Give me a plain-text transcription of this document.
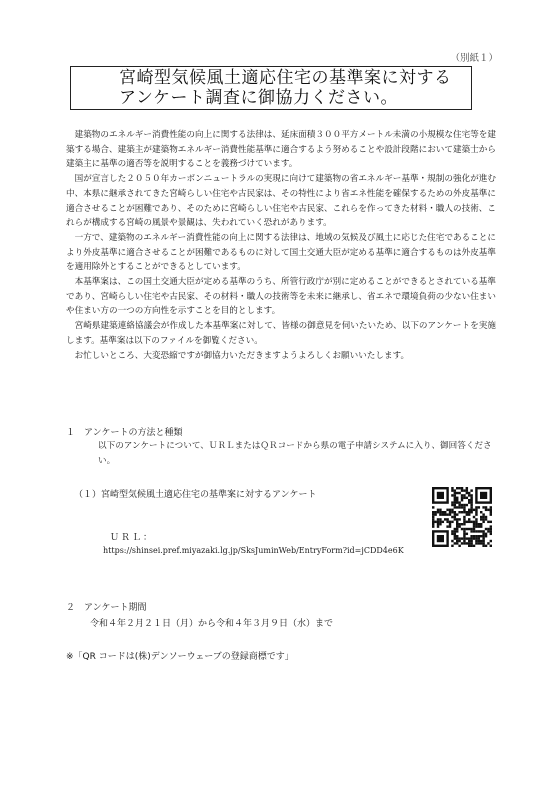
（別紙１）
宮崎型気候風土適応住宅の基準案に対する
アンケート調査に御協力ください。

建築物のエネルギー消費性能の向上に関する法律は、延床面積３００平方メートル未満の小規模な住宅等を建築する場合、建築主が建築物エネルギー消費性能基準に適合するよう努めることや設計段階において建築士から建築主に基準の適否等を説明することを義務づけています。

国が宣言した２０５０年カーボンニュートラルの実現に向けて建築物の省エネルギー基準・規制の強化が進む中、本県に継承されてきた宮崎らしい住宅や古民家は、その特性により省エネ性能を確保するための外皮基準に適合させることが困難であり、そのために宮崎らしい住宅や古民家、これらを作ってきた材料・職人の技術、これらが構成する宮崎の風景や景観は、失われていく恐れがあります。

一方で、建築物のエネルギー消費性能の向上に関する法律は、地域の気候及び風土に応じた住宅であることにより外皮基準に適合させることが困難であるものに対して国土交通大臣が定める基準に適合するものは外皮基準を適用除外とすることができるとしています。

本基準案は、この国土交通大臣が定める基準のうち、所管行政庁が別に定めることができるとされている基準であり、宮崎らしい住宅や古民家、その材料・職人の技術等を未来に継承し、省エネで環境負荷の少ない住まいや住まい方の一つの方向性を示すことを目的とします。

宮崎県建築連絡協議会が作成した本基準案に対して、皆様の御意見を伺いたいため、以下のアンケートを実施します。基準案は以下のファイルを御覧ください。

お忙しいところ、大変恐縮ですが御協力いただきますようよろしくお願いいたします。

１　アンケートの方法と種類
以下のアンケートについて、ＵＲＬまたはＱＲコードから県の電子申請システムに入り、御回答ください。
（１）宮崎型気候風土適応住宅の基準案に対するアンケート
ＵＲＬ：
https://shinsei.pref.miyazaki.lg.jp/SksJuminWeb/EntryForm?id=jCDD4e6K
２　アンケート期間
令和４年２月２１日（月）から令和４年３月９日（水）まで
※「QR コードは(株)デンソーウェーブの登録商標です」
